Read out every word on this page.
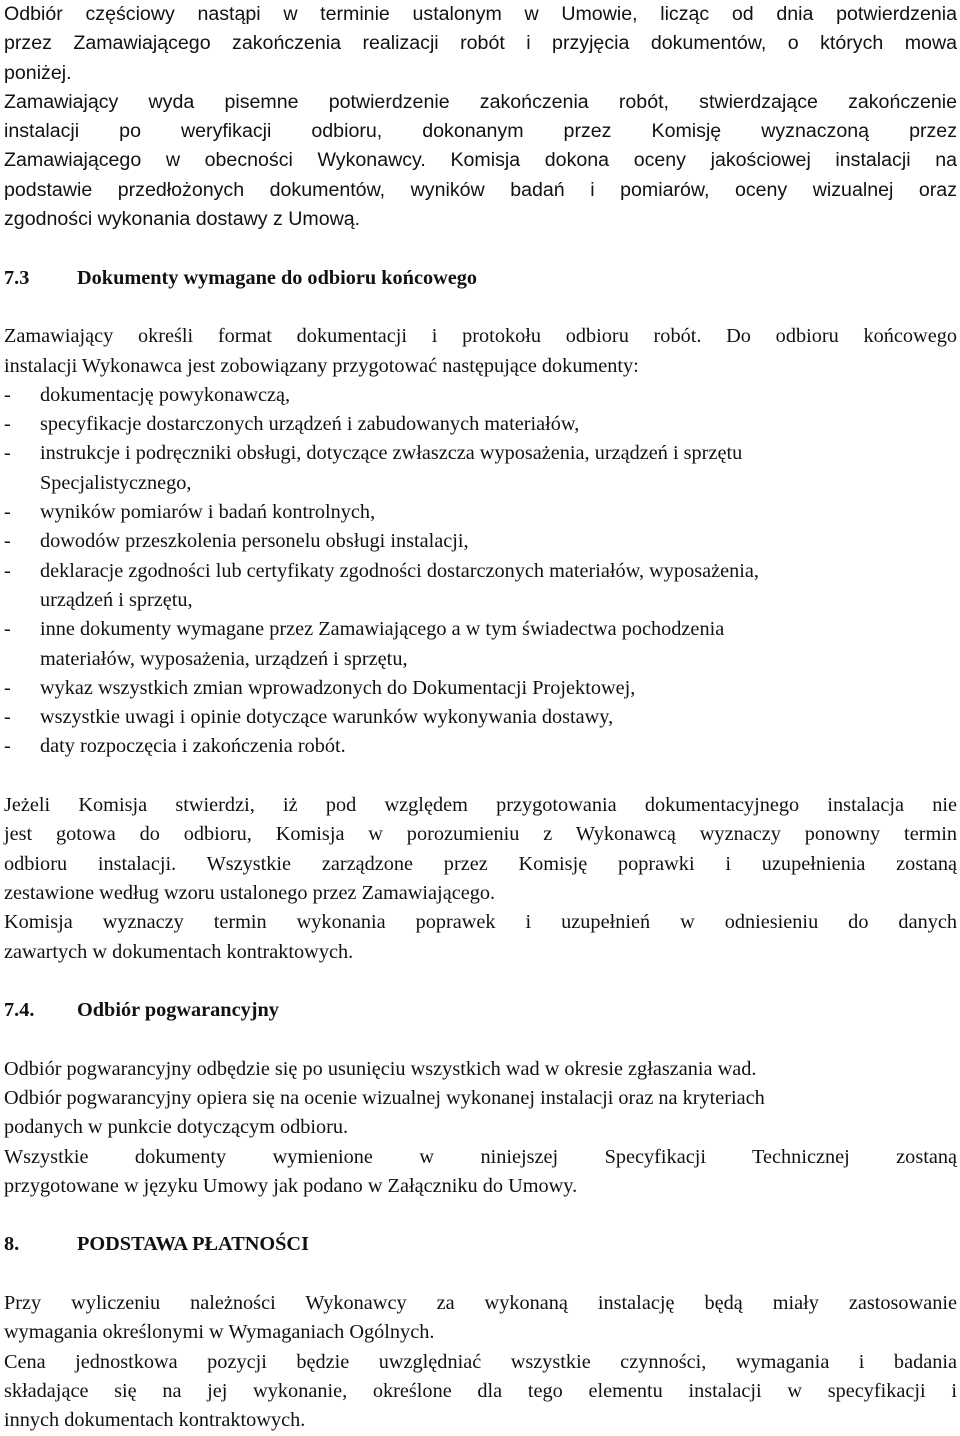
Odbiór częściowy nastąpi w terminie ustalonym w Umowie, licząc od dnia potwierdzenia
przez Zamawiającego zakończenia realizacji robót i przyjęcia dokumentów, o których mowa
poniżej.
Zamawiający wyda pisemne potwierdzenie zakończenia robót, stwierdzające zakończenie
instalacji po weryfikacji odbioru, dokonanym przez Komisję wyznaczoną przez
Zamawiającego w obecności Wykonawcy. Komisja dokona oceny jakościowej instalacji na
podstawie przedłożonych dokumentów, wyników badań i pomiarów, oceny wizualnej oraz
zgodności wykonania dostawy z Umową.
7.3	Dokumenty wymagane do odbioru końcowego
Zamawiający określi format dokumentacji i protokołu odbioru robót. Do odbioru końcowego
instalacji Wykonawca jest zobowiązany przygotować następujące dokumenty:
-	dokumentację powykonawczą,
-	specyfikacje dostarczonych urządzeń i zabudowanych materiałów,
-	instrukcje i podręczniki obsługi, dotyczące zwłaszcza wyposażenia, urządzeń i sprzętu
Specjalistycznego,
-	wyników pomiarów i badań kontrolnych,
-	dowodów przeszkolenia personelu obsługi instalacji,
-	deklaracje zgodności lub certyfikaty zgodności dostarczonych materiałów, wyposażenia,
urządzeń i sprzętu,
-	inne dokumenty wymagane przez Zamawiającego a w tym świadectwa pochodzenia
materiałów, wyposażenia, urządzeń i sprzętu,
-	wykaz wszystkich zmian wprowadzonych do Dokumentacji Projektowej,
-	wszystkie uwagi i opinie dotyczące warunków wykonywania dostawy,
-	daty rozpoczęcia i zakończenia robót.
Jeżeli Komisja stwierdzi, iż pod względem przygotowania dokumentacyjnego instalacja nie
jest gotowa do odbioru, Komisja w porozumieniu z Wykonawcą wyznaczy ponowny termin
odbioru instalacji. Wszystkie zarządzone przez Komisję poprawki i uzupełnienia zostaną
zestawione według wzoru ustalonego przez Zamawiającego.
Komisja wyznaczy termin wykonania poprawek i uzupełnień w odniesieniu do danych
zawartych w dokumentach kontraktowych.
7.4.	Odbiór pogwarancyjny
Odbiór pogwarancyjny odbędzie się po usunięciu wszystkich wad w okresie zgłaszania wad.
Odbiór pogwarancyjny opiera się na ocenie wizualnej wykonanej instalacji oraz na kryteriach
podanych w punkcie dotyczącym odbioru.
Wszystkie dokumenty wymienione w niniejszej Specyfikacji Technicznej zostaną
przygotowane w języku Umowy jak podano w Załączniku do Umowy.
8.	PODSTAWA PŁATNOŚCI
Przy wyliczeniu należności Wykonawcy za wykonaną instalację będą miały zastosowanie
wymagania określonymi w Wymaganiach Ogólnych.
Cena jednostkowa pozycji będzie uwzględniać wszystkie czynności, wymagania i badania
składające się na jej wykonanie, określone dla tego elementu instalacji w specyfikacji i
innych dokumentach kontraktowych.
